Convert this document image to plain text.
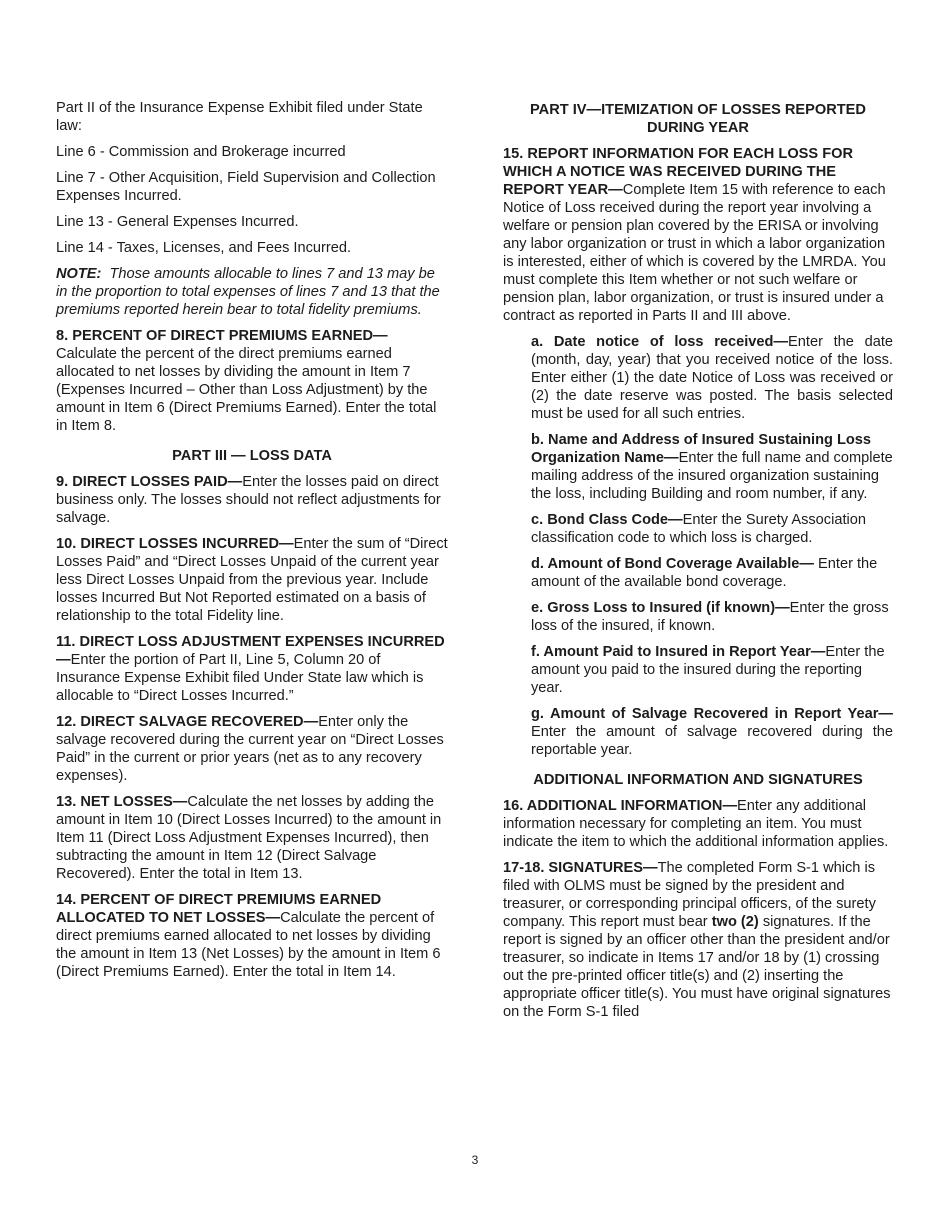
Part II of the Insurance Expense Exhibit filed under State law:

Line 6 - Commission and Brokerage incurred

Line 7 - Other Acquisition, Field Supervision and Collection Expenses Incurred.

Line 13 - General Expenses Incurred.

Line 14 - Taxes, Licenses, and Fees Incurred.

NOTE: Those amounts allocable to lines 7 and 13 may be in the proportion to total expenses of lines 7 and 13 that the premiums reported herein bear to total fidelity premiums.

8. PERCENT OF DIRECT PREMIUMS EARNED— Calculate the percent of the direct premiums earned allocated to net losses by dividing the amount in Item 7 (Expenses Incurred – Other than Loss Adjustment) by the amount in Item 6 (Direct Premiums Earned). Enter the total in Item 8.

PART III — LOSS DATA

9. DIRECT LOSSES PAID—Enter the losses paid on direct business only. The losses should not reflect adjustments for salvage.

10. DIRECT LOSSES INCURRED—Enter the sum of “Direct Losses Paid” and “Direct Losses Unpaid of the current year less Direct Losses Unpaid from the previous year. Include losses Incurred But Not Reported estimated on a basis of relationship to the total Fidelity line.

11. DIRECT LOSS ADJUSTMENT EXPENSES INCURRED—Enter the portion of Part II, Line 5, Column 20 of Insurance Expense Exhibit filed Under State law which is allocable to “Direct Losses Incurred.”

12. DIRECT SALVAGE RECOVERED—Enter only the salvage recovered during the current year on “Direct Losses Paid” in the current or prior years (net as to any recovery expenses).

13. NET LOSSES—Calculate the net losses by adding the amount in Item 10 (Direct Losses Incurred) to the amount in Item 11 (Direct Loss Adjustment Expenses Incurred), then subtracting the amount in Item 12 (Direct Salvage Recovered). Enter the total in Item 13.

14. PERCENT OF DIRECT PREMIUMS EARNED ALLOCATED TO NET LOSSES—Calculate the percent of direct premiums earned allocated to net losses by dividing the amount in Item 13 (Net Losses) by the amount in Item 6 (Direct Premiums Earned). Enter the total in Item 14.

PART IV—ITEMIZATION OF LOSSES REPORTED DURING YEAR

15. REPORT INFORMATION FOR EACH LOSS FOR WHICH A NOTICE WAS RECEIVED DURING THE REPORT YEAR—Complete Item 15 with reference to each Notice of Loss received during the report year involving a welfare or pension plan covered by the ERISA or involving any labor organization or trust in which a labor organization is interested, either of which is covered by the LMRDA. You must complete this Item whether or not such welfare or pension plan, labor organization, or trust is insured under a contract as reported in Parts II and III above.

a. Date notice of loss received—Enter the date (month, day, year) that you received notice of the loss. Enter either (1) the date Notice of Loss was received or (2) the date reserve was posted. The basis selected must be used for all such entries.

b. Name and Address of Insured Sustaining Loss Organization Name—Enter the full name and complete mailing address of the insured organization sustaining the loss, including Building and room number, if any.

c. Bond Class Code—Enter the Surety Association classification code to which loss is charged.

d. Amount of Bond Coverage Available— Enter the amount of the available bond coverage.

e. Gross Loss to Insured (if known)—Enter the gross loss of the insured, if known.

f. Amount Paid to Insured in Report Year—Enter the amount you paid to the insured during the reporting year.

g. Amount of Salvage Recovered in Report Year—Enter the amount of salvage recovered during the reportable year.

ADDITIONAL INFORMATION AND SIGNATURES

16. ADDITIONAL INFORMATION—Enter any additional information necessary for completing an item. You must indicate the item to which the additional information applies.

17-18. SIGNATURES—The completed Form S-1 which is filed with OLMS must be signed by the president and treasurer, or corresponding principal officers, of the surety company. This report must bear two (2) signatures. If the report is signed by an officer other than the president and/or treasurer, so indicate in Items 17 and/or 18 by (1) crossing out the pre-printed officer title(s) and (2) inserting the appropriate officer title(s). You must have original signatures on the Form S-1 filed

3
